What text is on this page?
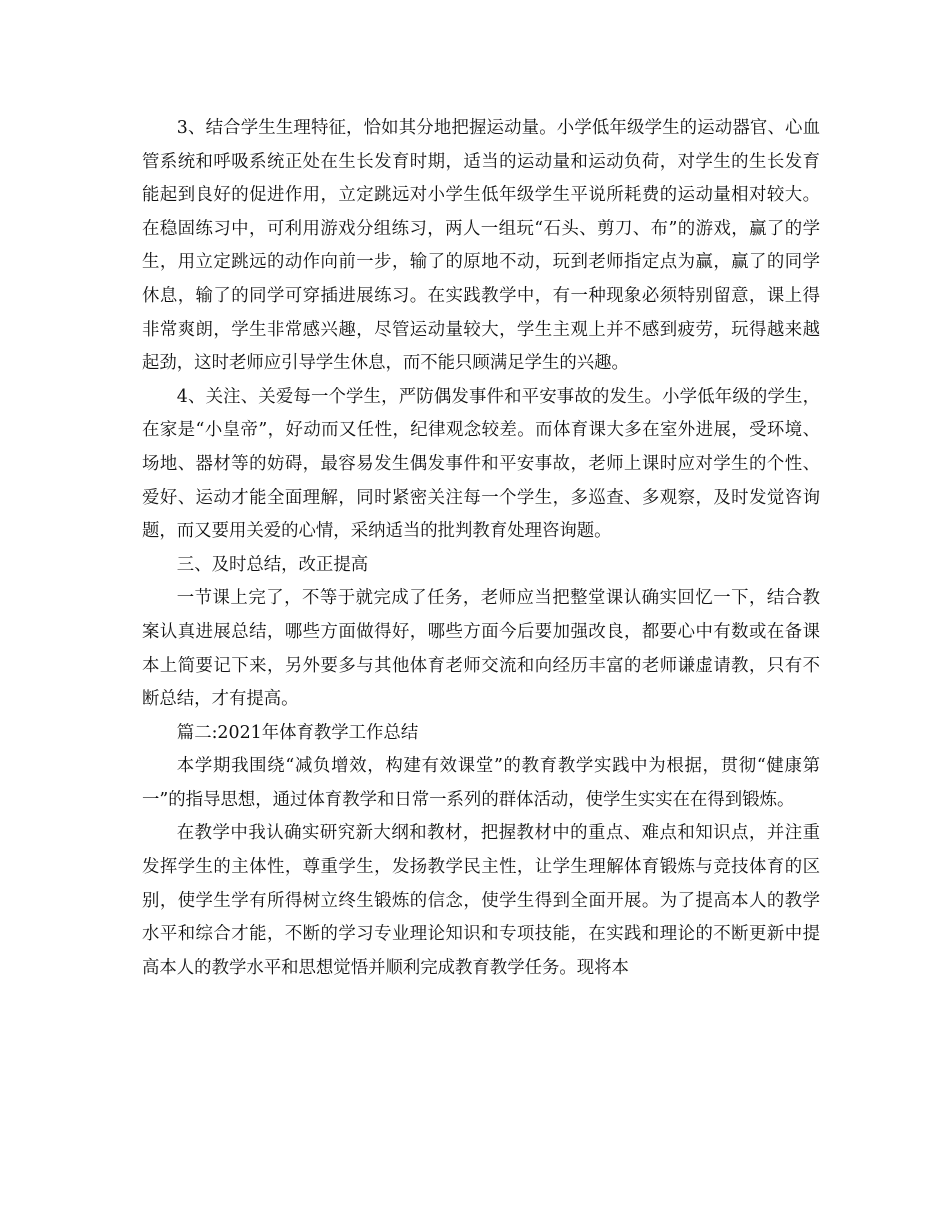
3、结合学生生理特征，恰如其分地把握运动量。小学低年级学生的运动器官、心血管系统和呼吸系统正处在生长发育时期，适当的运动量和运动负荷，对学生的生长发育能起到良好的促进作用，立定跳远对小学生低年级学生平说所耗费的运动量相对较大。在稳固练习中，可利用游戏分组练习，两人一组玩“石头、剪刀、布”的游戏，赢了的学生，用立定跳远的动作向前一步，输了的原地不动，玩到老师指定点为赢，赢了的同学休息，输了的同学可穿插进展练习。在实践教学中，有一种现象必须特别留意，课上得非常爽朗，学生非常感兴趣，尽管运动量较大，学生主观上并不感到疲劳，玩得越来越起劲，这时老师应引导学生休息，而不能只顾满足学生的兴趣。

4、关注、关爱每一个学生，严防偶发事件和平安事故的发生。小学低年级的学生，在家是“小皇帝”，好动而又任性，纪律观念较差。而体育课大多在室外进展，受环境、场地、器材等的妨碍，最容易发生偶发事件和平安事故，老师上课时应对学生的个性、爱好、运动才能全面理解，同时紧密关注每一个学生，多巡查、多观察，及时发觉咨询题，而又要用关爱的心情，采纳适当的批判教育处理咨询题。

三、及时总结，改正提高

一节课上完了，不等于就完成了任务，老师应当把整堂课认确实回忆一下，结合教案认真进展总结，哪些方面做得好，哪些方面今后要加强改良，都要心中有数或在备课本上简要记下来，另外要多与其他体育老师交流和向经历丰富的老师谦虚请教，只有不断总结，才有提高。

篇二:2021年体育教学工作总结

本学期我围绕“减负增效，构建有效课堂”的教育教学实践中为根据，贯彻“健康第一”的指导思想，通过体育教学和日常一系列的群体活动，使学生实实在在得到锻炼。

在教学中我认确实研究新大纲和教材，把握教材中的重点、难点和知识点，并注重发挥学生的主体性，尊重学生，发扬教学民主性，让学生理解体育锻炼与竞技体育的区别，使学生学有所得树立终生锻炼的信念，使学生得到全面开展。为了提高本人的教学水平和综合才能，不断的学习专业理论知识和专项技能，在实践和理论的不断更新中提高本人的教学水平和思想觉悟并顺利完成教育教学任务。现将本
